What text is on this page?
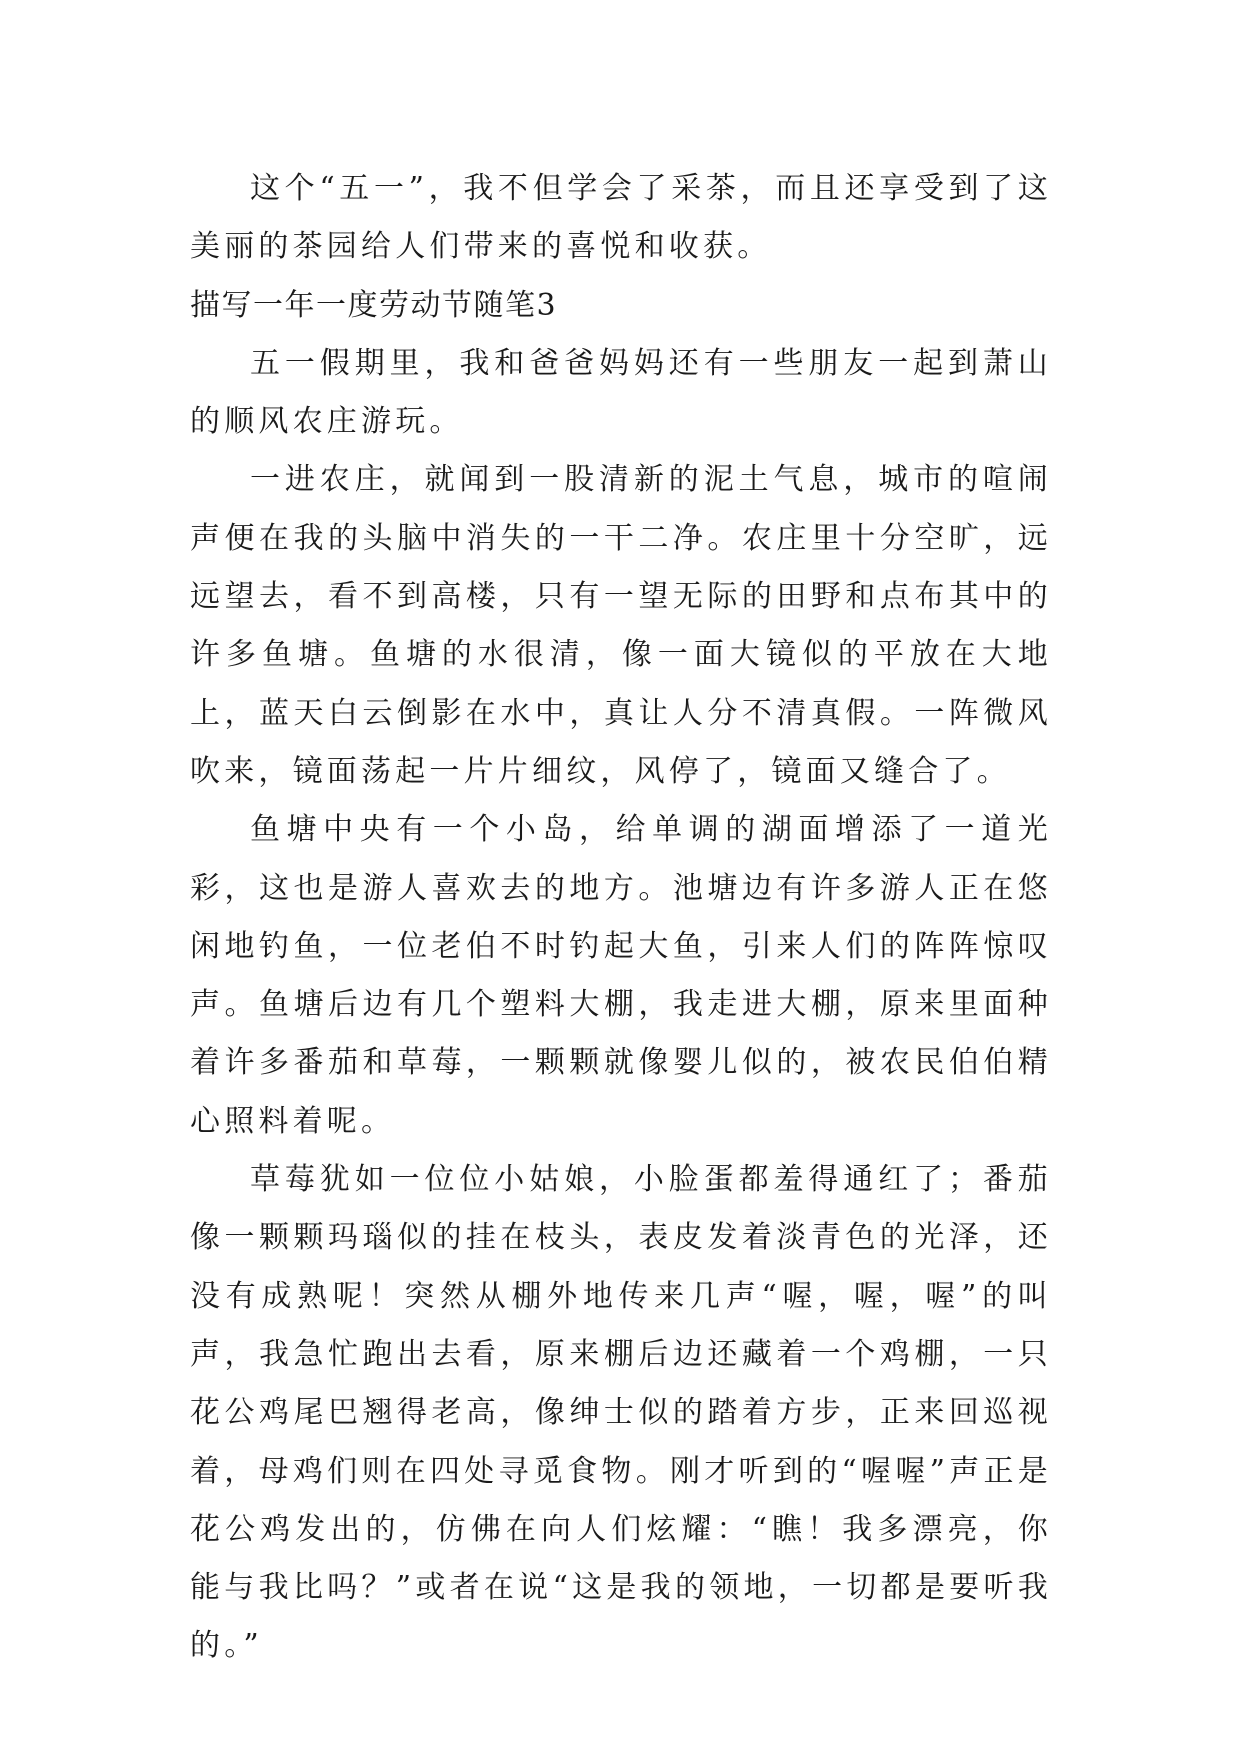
这个“五一”，我不但学会了采茶，而且还享受到了这美丽的茶园给人们带来的喜悦和收获。

描写一年一度劳动节随笔3

五一假期里，我和爸爸妈妈还有一些朋友一起到萧山的顺风农庄游玩。

一进农庄，就闻到一股清新的泥土气息，城市的喧闹声便在我的头脑中消失的一干二净。农庄里十分空旷，远远望去，看不到高楼，只有一望无际的田野和点布其中的许多鱼塘。鱼塘的水很清，像一面大镜似的平放在大地上，蓝天白云倒影在水中，真让人分不清真假。一阵微风吹来，镜面荡起一片片细纹，风停了，镜面又缝合了。

鱼塘中央有一个小岛，给单调的湖面增添了一道光彩，这也是游人喜欢去的地方。池塘边有许多游人正在悠闲地钓鱼，一位老伯不时钓起大鱼，引来人们的阵阵惊叹声。鱼塘后边有几个塑料大棚，我走进大棚，原来里面种着许多番茄和草莓，一颗颗就像婴儿似的，被农民伯伯精心照料着呢。

草莓犹如一位位小姑娘，小脸蛋都羞得通红了；番茄像一颗颗玛瑙似的挂在枝头，表皮发着淡青色的光泽，还没有成熟呢！突然从棚外地传来几声“喔，喔，喔”的叫声，我急忙跑出去看，原来棚后边还藏着一个鸡棚，一只花公鸡尾巴翘得老高，像绅士似的踏着方步，正来回巡视着，母鸡们则在四处寻觅食物。刚才听到的“喔喔”声正是花公鸡发出的，仿佛在向人们炫耀：“瞧！我多漂亮，你能与我比吗？”或者在说“这是我的领地，一切都是要听我的。”
